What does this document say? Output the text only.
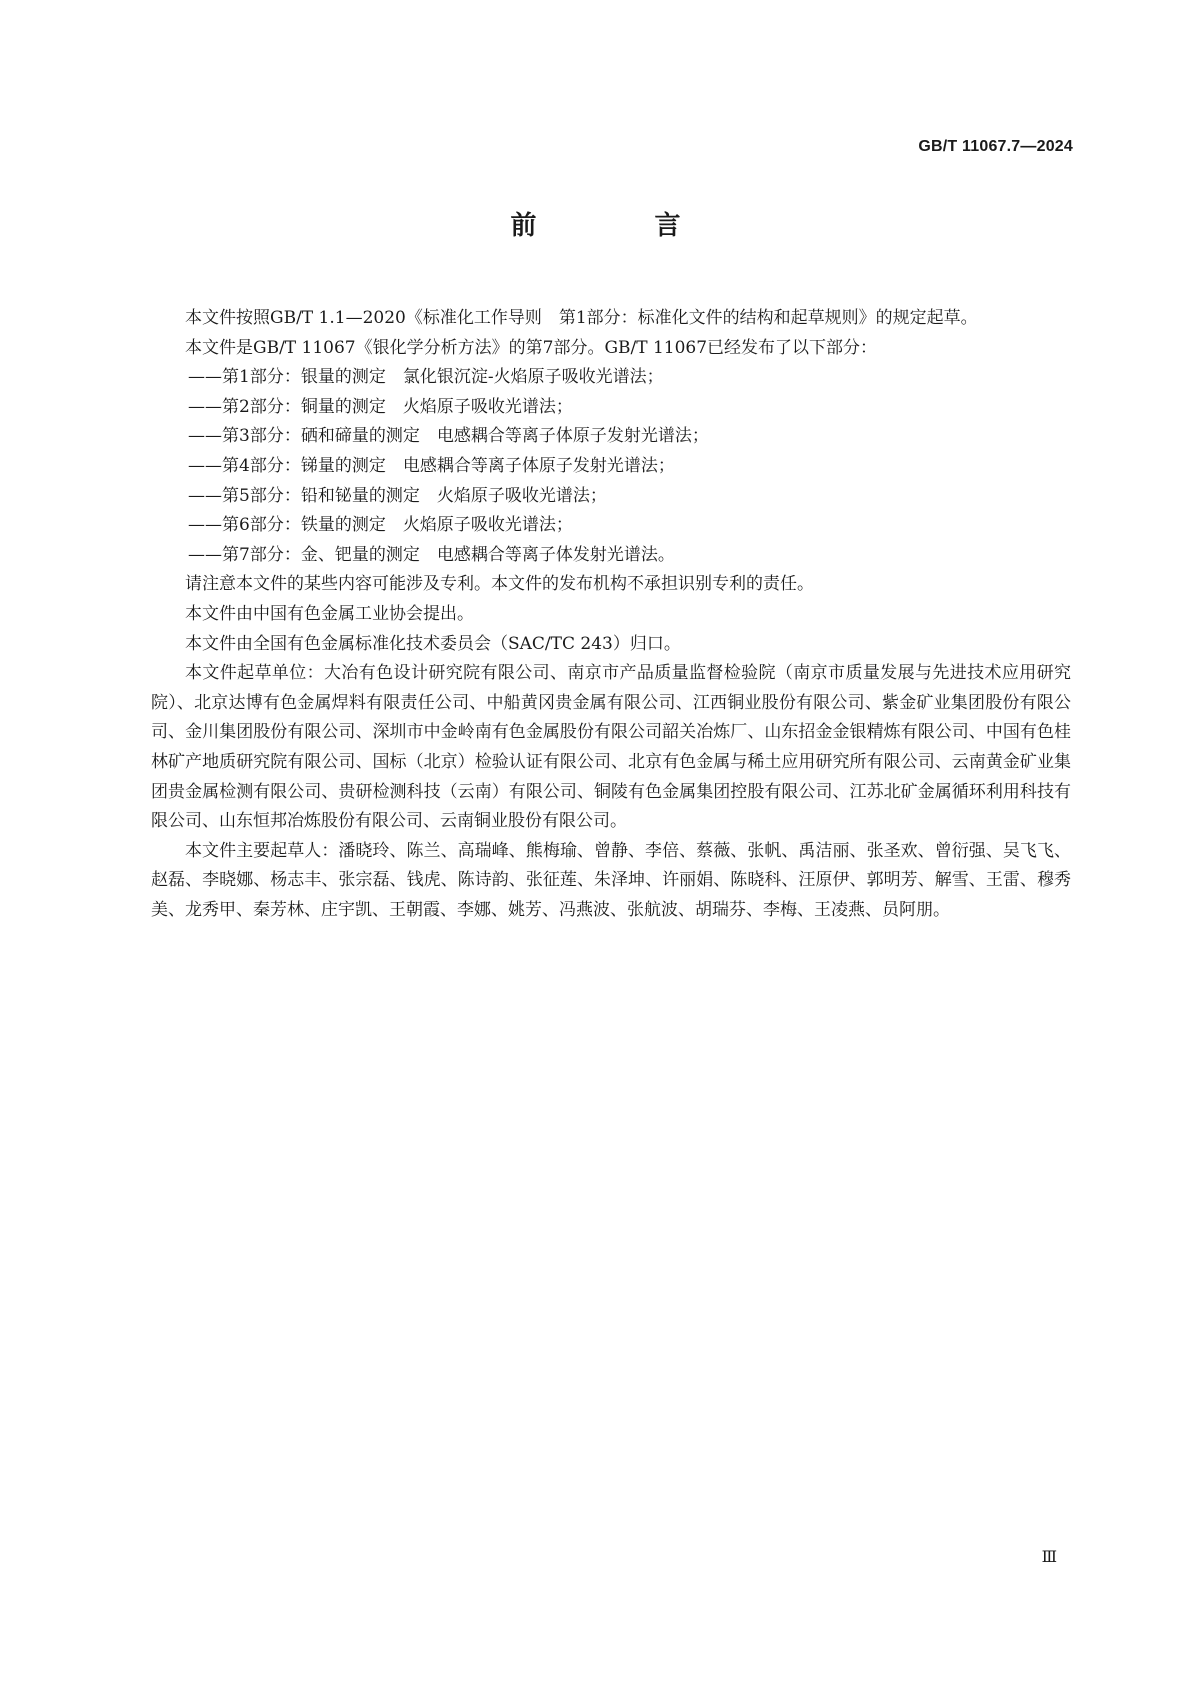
GB/T 11067.7—2024
前　言

本文件按照GB/T 1.1—2020《标准化工作导则　第1部分：标准化文件的结构和起草规则》的规定起草。

本文件是GB/T 11067《银化学分析方法》的第7部分。GB/T 11067已经发布了以下部分：

——第1部分：银量的测定 氯化银沉淀-火焰原子吸收光谱法；

——第2部分：铜量的测定 火焰原子吸收光谱法；

——第3部分：硒和碲量的测定 电感耦合等离子体原子发射光谱法；

——第4部分：锑量的测定 电感耦合等离子体原子发射光谱法；

——第5部分：铅和铋量的测定 火焰原子吸收光谱法；

——第6部分：铁量的测定 火焰原子吸收光谱法；

——第7部分：金、钯量的测定 电感耦合等离子体发射光谱法。

请注意本文件的某些内容可能涉及专利。本文件的发布机构不承担识别专利的责任。

本文件由中国有色金属工业协会提出。

本文件由全国有色金属标准化技术委员会（SAC/TC 243）归口。

本文件起草单位：大冶有色设计研究院有限公司、南京市产品质量监督检验院（南京市质量发展与先进技术应用研究院）、北京达博有色金属焊料有限责任公司、中船黄冈贵金属有限公司、江西铜业股份有限公司、紫金矿业集团股份有限公司、金川集团股份有限公司、深圳市中金岭南有色金属股份有限公司韶关冶炼厂、山东招金金银精炼有限公司、中国有色桂林矿产地质研究院有限公司、国标（北京）检验认证有限公司、北京有色金属与稀土应用研究所有限公司、云南黄金矿业集团贵金属检测有限公司、贵研检测科技（云南）有限公司、铜陵有色金属集团控股有限公司、江苏北矿金属循环利用科技有限公司、山东恒邦冶炼股份有限公司、云南铜业股份有限公司。

本文件主要起草人：潘晓玲、陈兰、高瑞峰、熊梅瑜、曾静、李倍、蔡薇、张帆、禹洁丽、张圣欢、曾衍强、吴飞飞、赵磊、李晓娜、杨志丰、张宗磊、钱虎、陈诗韵、张征莲、朱泽坤、许丽娟、陈晓科、汪原伊、郭明芳、解雪、王雷、穆秀美、龙秀甲、秦芳林、庄宇凯、王朝霞、李娜、姚芳、冯燕波、张航波、胡瑞芬、李梅、王凌燕、员阿朋。

Ⅲ
